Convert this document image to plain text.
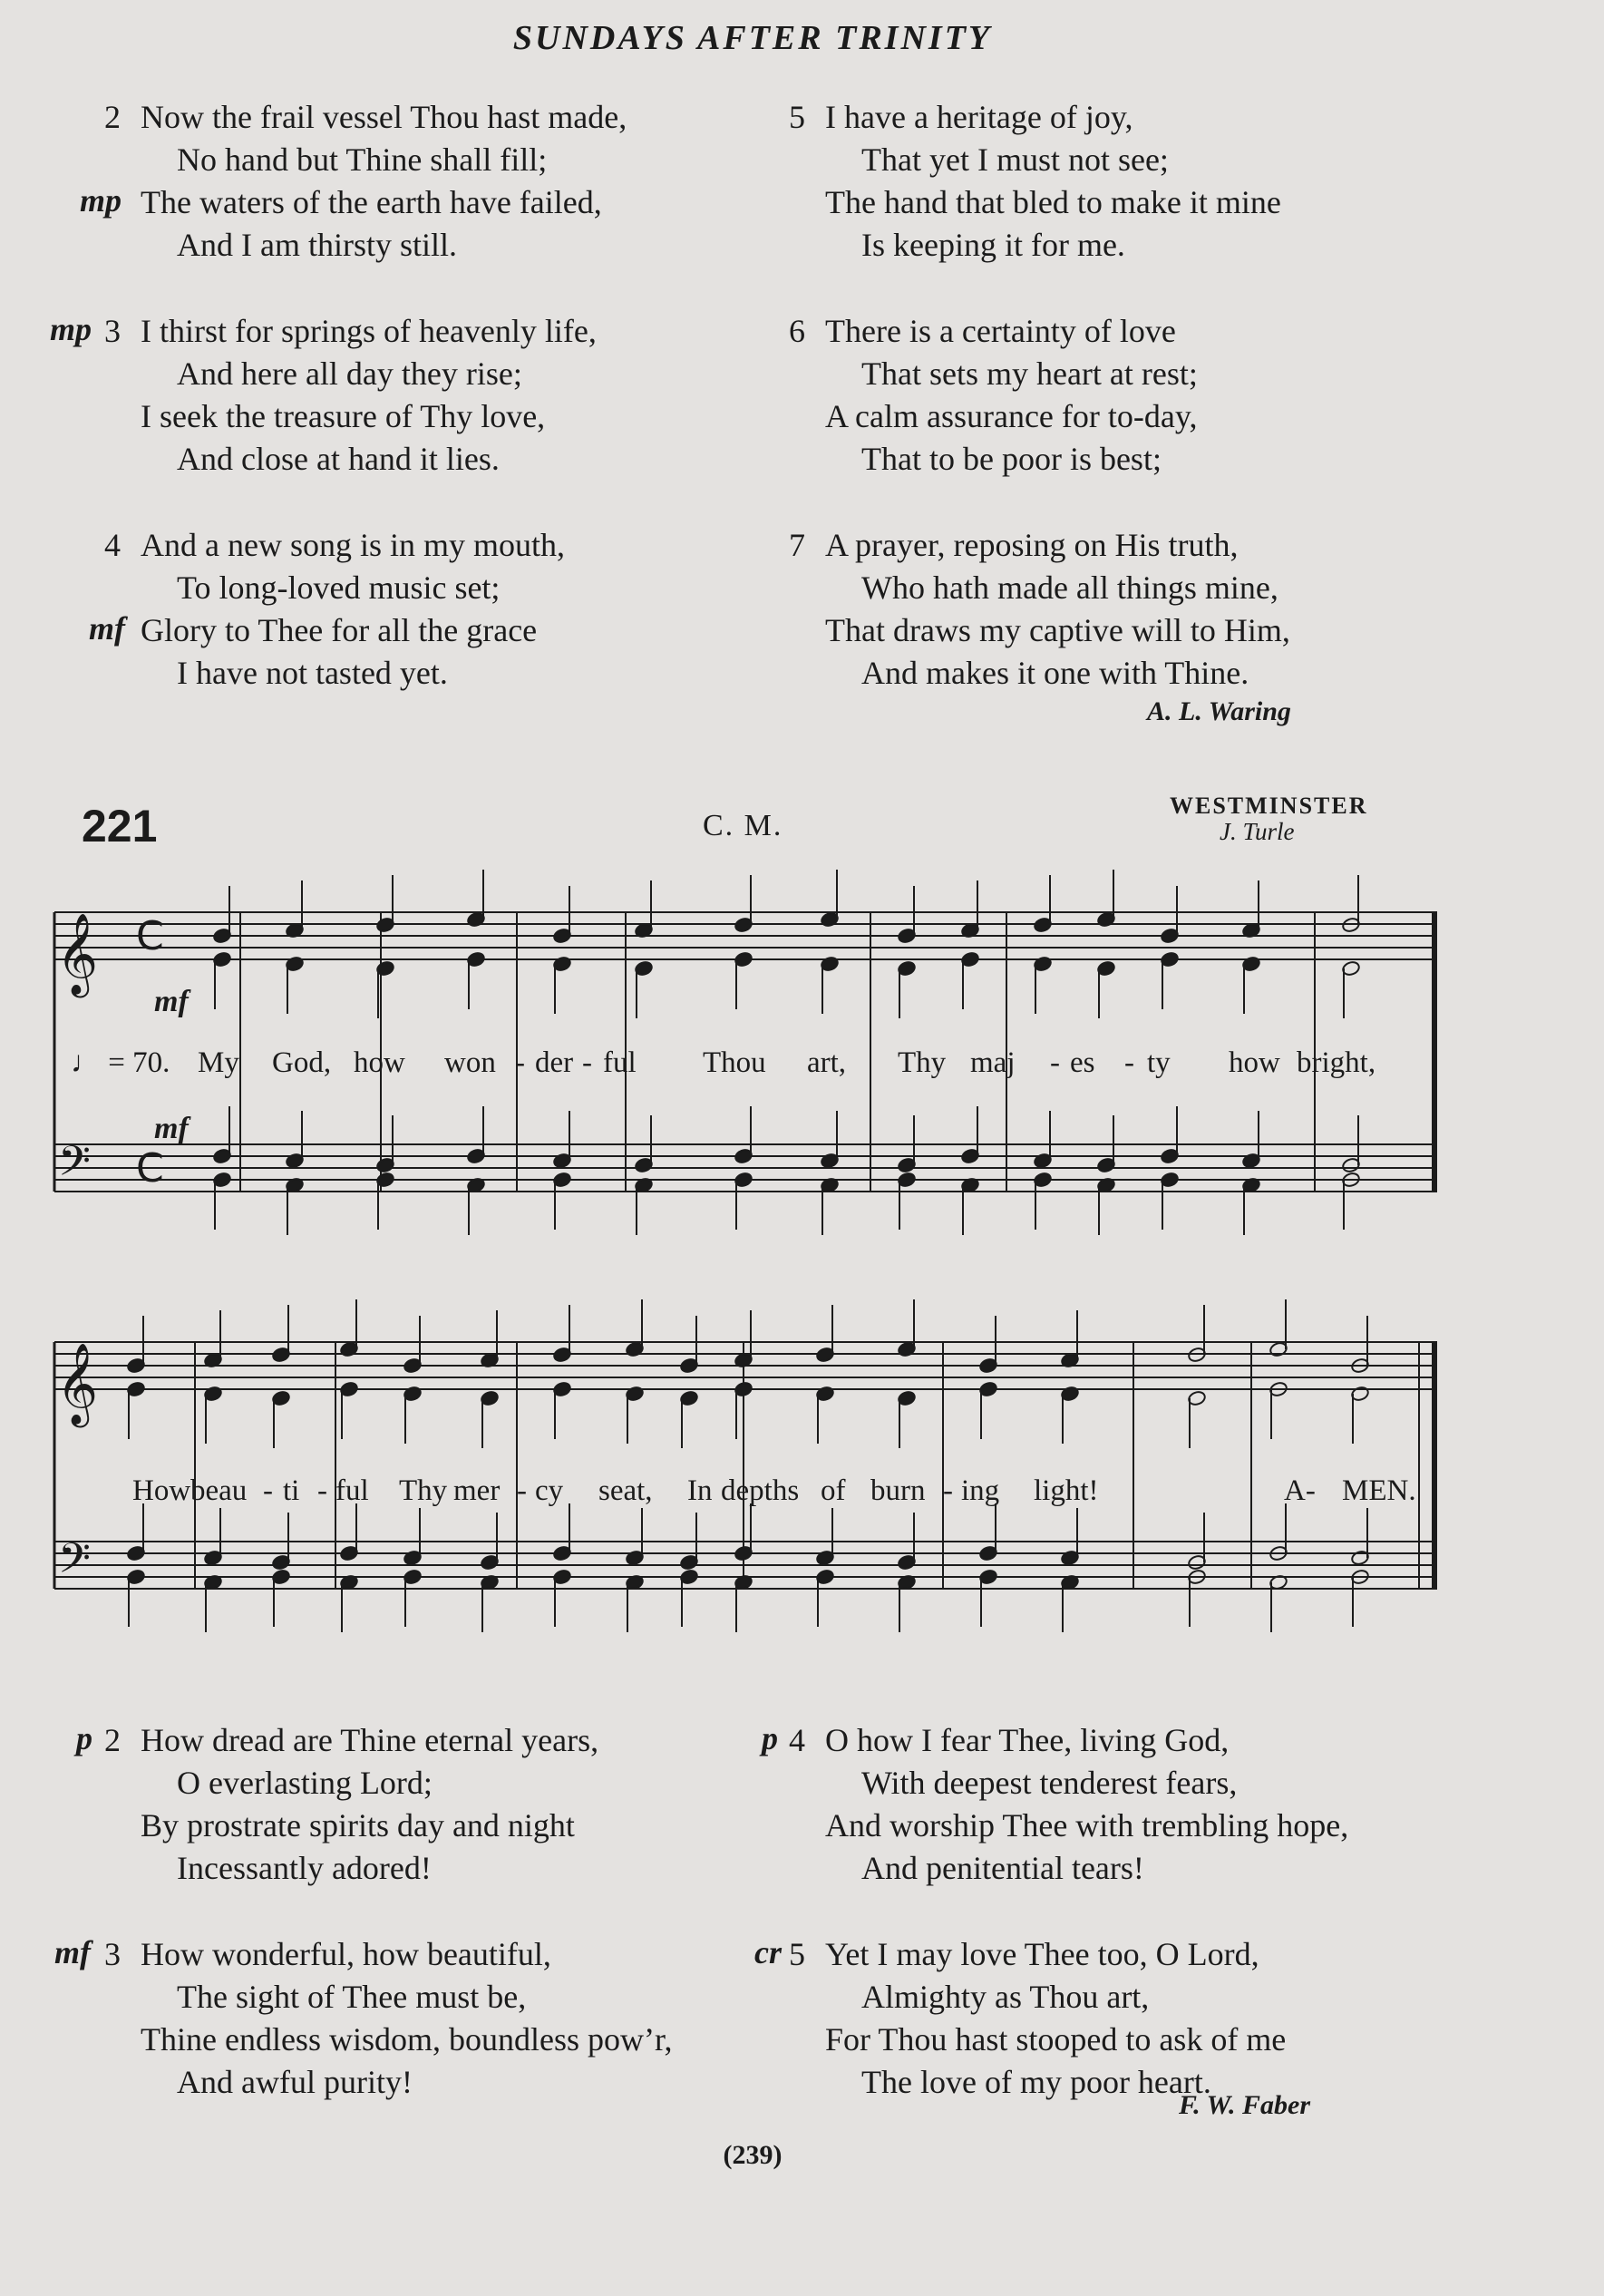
SUNDAYS AFTER TRINITY
2 Now the frail vessel Thou hast made,
No hand but Thine shall fill;
The waters of the earth have failed,
And I am thirsty still.
mp
3 I thirst for springs of heavenly life,
And here all day they rise;
I seek the treasure of Thy love,
And close at hand it lies.
mp
4 And a new song is in my mouth,
To long-loved music set;
Glory to Thee for all the grace
I have not tasted yet.
mf
5 I have a heritage of joy,
That yet I must not see;
The hand that bled to make it mine
Is keeping it for me.
6 There is a certainty of love
That sets my heart at rest;
A calm assurance for to-day,
That to be poor is best;
7 A prayer, reposing on His truth,
Who hath made all things mine,
That draws my captive will to Him,
And makes it one with Thine.
A. L. Waring
221	C. M.
WESTMINSTER
J. Turle
𝄞
𝄢
𝄞
𝄢
C
C
mf
mf
♩ = 70. My God, how won - der - ful Thou art, Thy maj - es - ty how bright,
How beau - ti - ful Thy mer - cy seat, In depths of burn - ing light!	A- MEN.
2 How dread are Thine eternal years,
O everlasting Lord;
By prostrate spirits day and night
Incessantly adored!
p
3 How wonderful, how beautiful,
The sight of Thee must be,
Thine endless wisdom, boundless pow’r,
And awful purity!
mf
4 O how I fear Thee, living God,
With deepest tenderest fears,
And worship Thee with trembling hope,
And penitential tears!
p
5 Yet I may love Thee too, O Lord,
Almighty as Thou art,
For Thou hast stooped to ask of me
The love of my poor heart.
cr
F. W. Faber
(239)
